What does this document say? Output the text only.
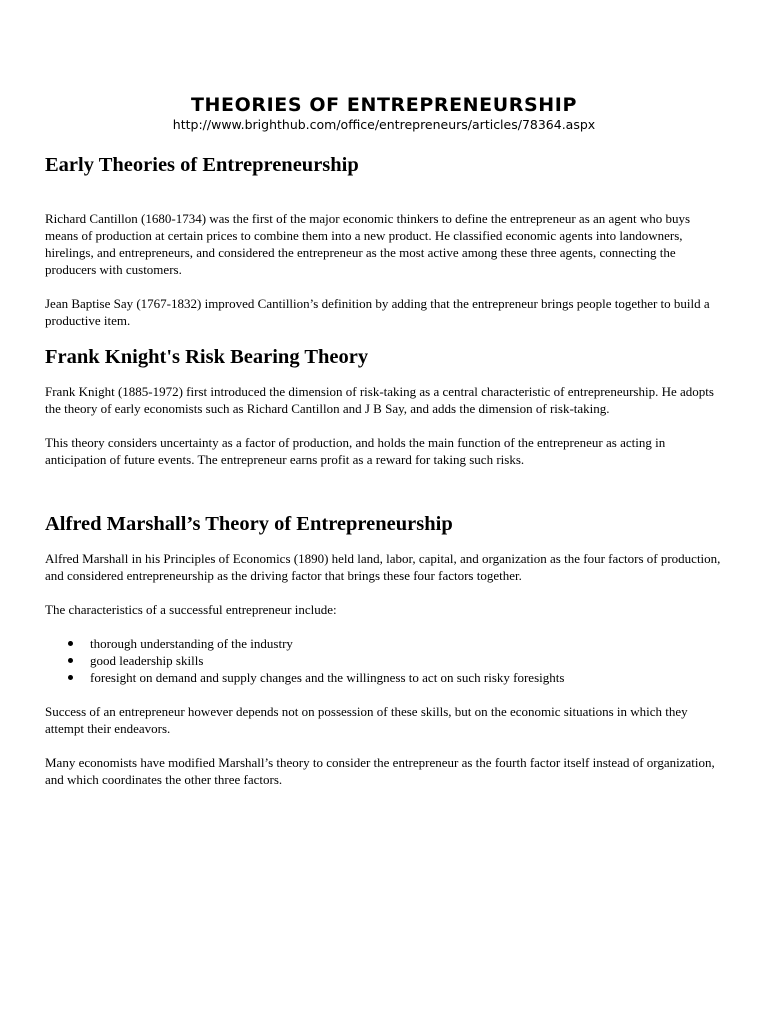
THEORIES OF ENTREPRENEURSHIP

http://www.brighthub.com/office/entrepreneurs/articles/78364.aspx

Early Theories of Entrepreneurship

Richard Cantillon (1680-1734) was the first of the major economic thinkers to define the entrepreneur as an agent who buys means of production at certain prices to combine them into a new product. He classified economic agents into landowners, hirelings, and entrepreneurs, and considered the entrepreneur as the most active among these three agents, connecting the producers with customers.

Jean Baptise Say (1767-1832) improved Cantillion’s definition by adding that the entrepreneur brings people together to build a productive item.

Frank Knight's Risk Bearing Theory

Frank Knight (1885-1972) first introduced the dimension of risk-taking as a central characteristic of entrepreneurship. He adopts the theory of early economists such as Richard Cantillon and J B Say, and adds the dimension of risk-taking.

This theory considers uncertainty as a factor of production, and holds the main function of the entrepreneur as acting in anticipation of future events. The entrepreneur earns profit as a reward for taking such risks.

Alfred Marshall’s Theory of Entrepreneurship

Alfred Marshall in his Principles of Economics (1890) held land, labor, capital, and organization as the four factors of production, and considered entrepreneurship as the driving factor that brings these four factors together.

The characteristics of a successful entrepreneur include:

thorough understanding of the industry
good leadership skills
foresight on demand and supply changes and the willingness to act on such risky foresights

Success of an entrepreneur however depends not on possession of these skills, but on the economic situations in which they attempt their endeavors.

Many economists have modified Marshall’s theory to consider the entrepreneur as the fourth factor itself instead of organization, and which coordinates the other three factors.
